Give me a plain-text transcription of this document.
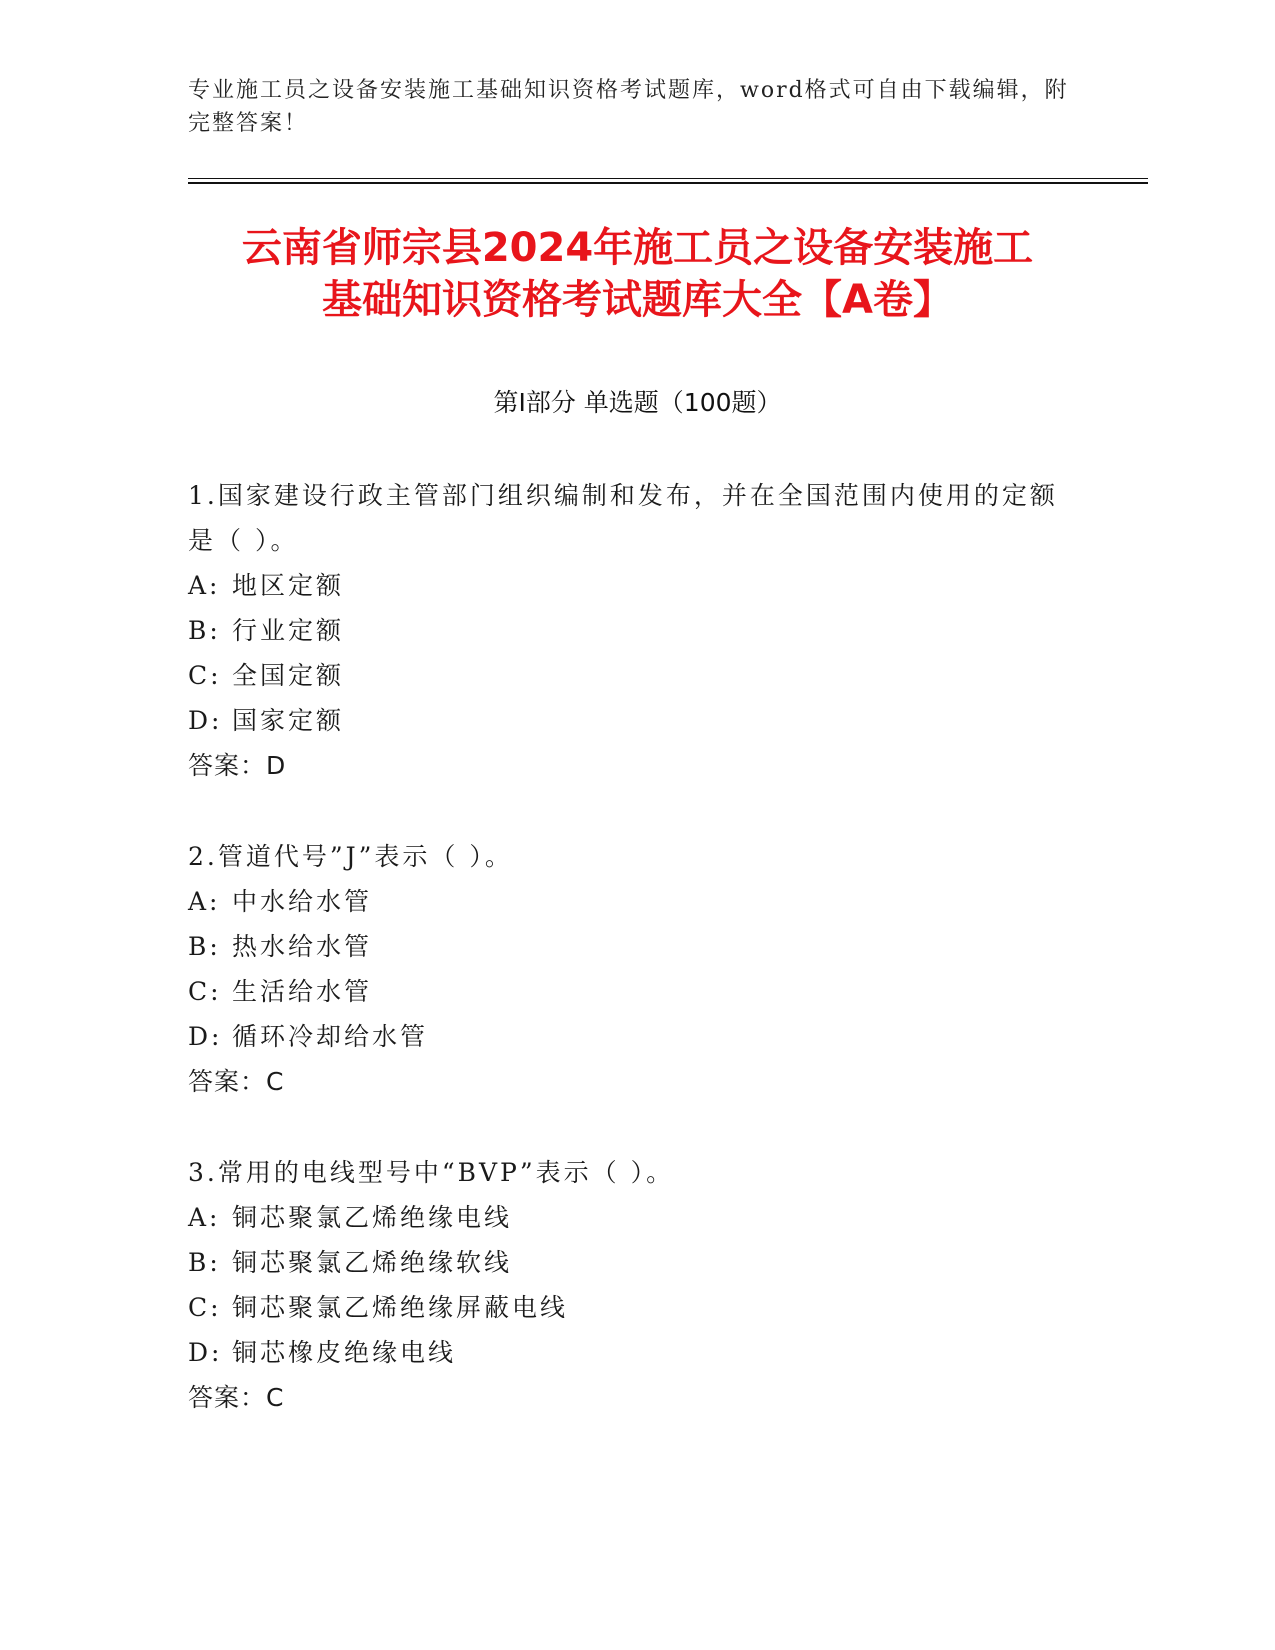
专业施工员之设备安装施工基础知识资格考试题库，word格式可自由下载编辑，附完整答案！
云南省师宗县2024年施工员之设备安装施工
基础知识资格考试题库大全【A卷】
第Ⅰ部分 单选题（100题）

1.国家建设行政主管部门组织编制和发布，并在全国范围内使用的定额是（ ）。

A: 地区定额

B: 行业定额

C: 全国定额

D: 国家定额

答案：D

2.管道代号”J”表示（ ）。

A: 中水给水管

B: 热水给水管

C: 生活给水管

D: 循环冷却给水管

答案：C

3.常用的电线型号中“BVP”表示（ ）。

A: 铜芯聚氯乙烯绝缘电线

B: 铜芯聚氯乙烯绝缘软线

C: 铜芯聚氯乙烯绝缘屏蔽电线

D: 铜芯橡皮绝缘电线

答案：C
